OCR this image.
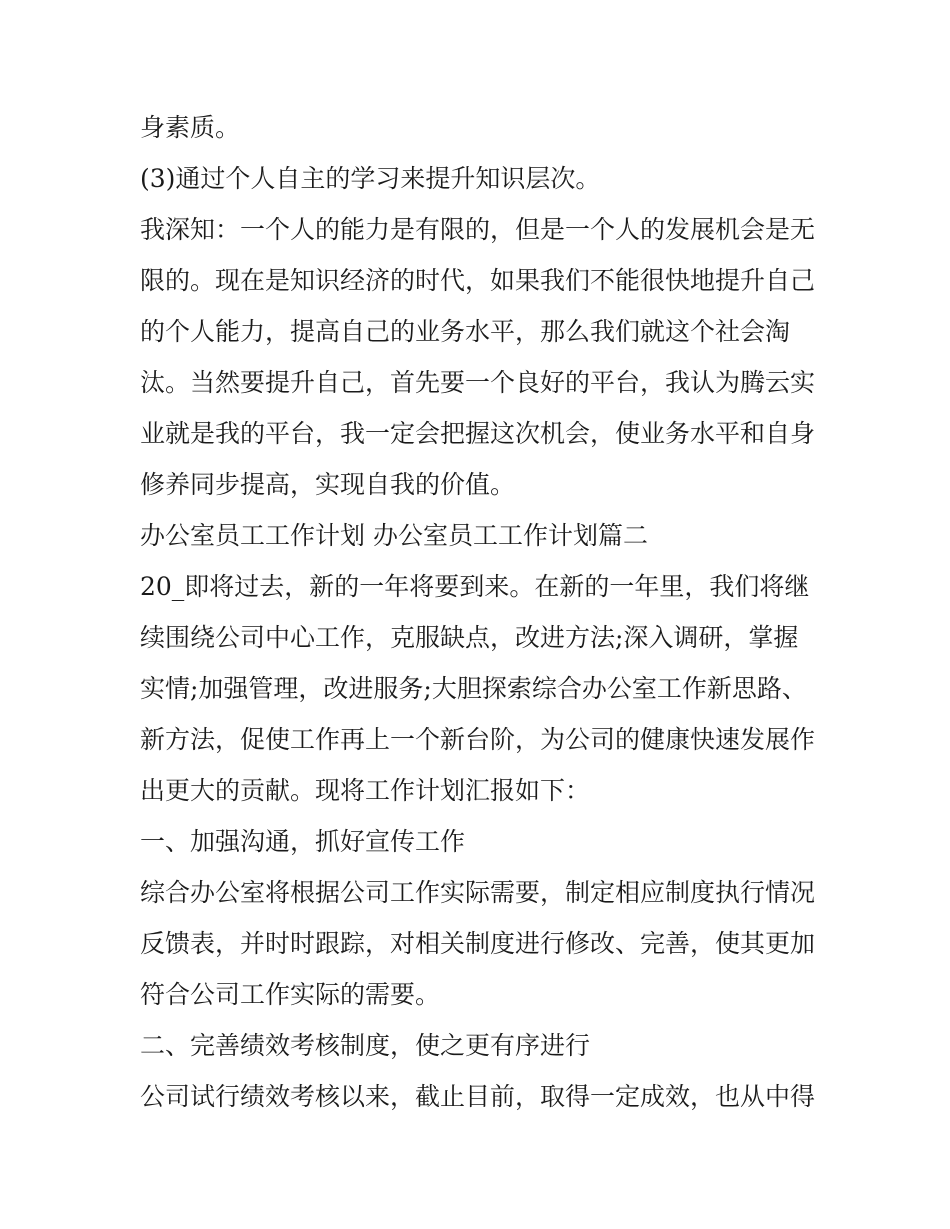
身素质。

(3)通过个人自主的学习来提升知识层次。

我深知：一个人的能力是有限的，但是一个人的发展机会是无

限的。现在是知识经济的时代，如果我们不能很快地提升自己

的个人能力，提高自己的业务水平，那么我们就这个社会淘

汰。当然要提升自己，首先要一个良好的平台，我认为腾云实

业就是我的平台，我一定会把握这次机会，使业务水平和自身

修养同步提高，实现自我的价值。

办公室员工工作计划 办公室员工工作计划篇二

20_即将过去，新的一年将要到来。在新的一年里，我们将继

续围绕公司中心工作，克服缺点，改进方法;深入调研，掌握

实情;加强管理，改进服务;大胆探索综合办公室工作新思路、

新方法，促使工作再上一个新台阶，为公司的健康快速发展作

出更大的贡献。现将工作计划汇报如下：

一、加强沟通，抓好宣传工作

综合办公室将根据公司工作实际需要，制定相应制度执行情况

反馈表，并时时跟踪，对相关制度进行修改、完善，使其更加

符合公司工作实际的需要。

二、完善绩效考核制度，使之更有序进行

公司试行绩效考核以来，截止目前，取得一定成效，也从中得
